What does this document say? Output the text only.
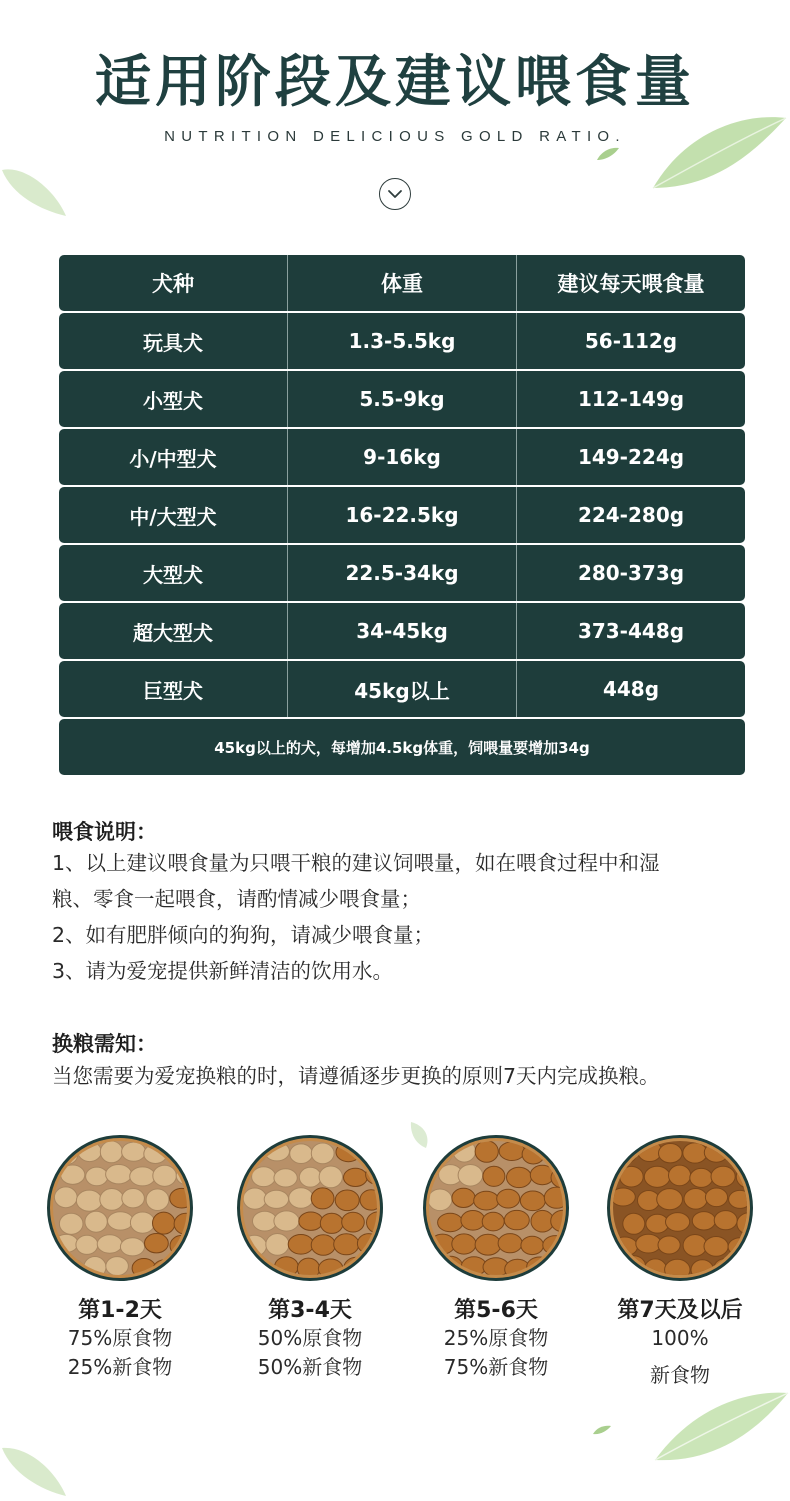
适用阶段及建议喂食量
NUTRITION DELICIOUS GOLD RATIO.
犬种	体重	建议每天喂食量
玩具犬	1.3-5.5kg	56-112g
小型犬	5.5-9kg	112-149g
小/中型犬	9-16kg	149-224g
中/大型犬	16-22.5kg	224-280g
大型犬	22.5-34kg	280-373g
超大型犬	34-45kg	373-448g
巨型犬	45kg以上	448g
45kg以上的犬，每增加4.5kg体重，饲喂量要增加34g
喂食说明：
1、以上建议喂食量为只喂干粮的建议饲喂量，如在喂食过程中和湿
粮、零食一起喂食，请酌情减少喂食量；
2、如有肥胖倾向的狗狗，请减少喂食量；
3、请为爱宠提供新鲜清洁的饮用水。
换粮需知：
当您需要为爱宠换粮的时，请遵循逐步更换的原则7天内完成换粮。
第1-2天
75%原食物
25%新食物
第3-4天
50%原食物
50%新食物
第5-6天
25%原食物
75%新食物
第7天及以后
100%
新食物
